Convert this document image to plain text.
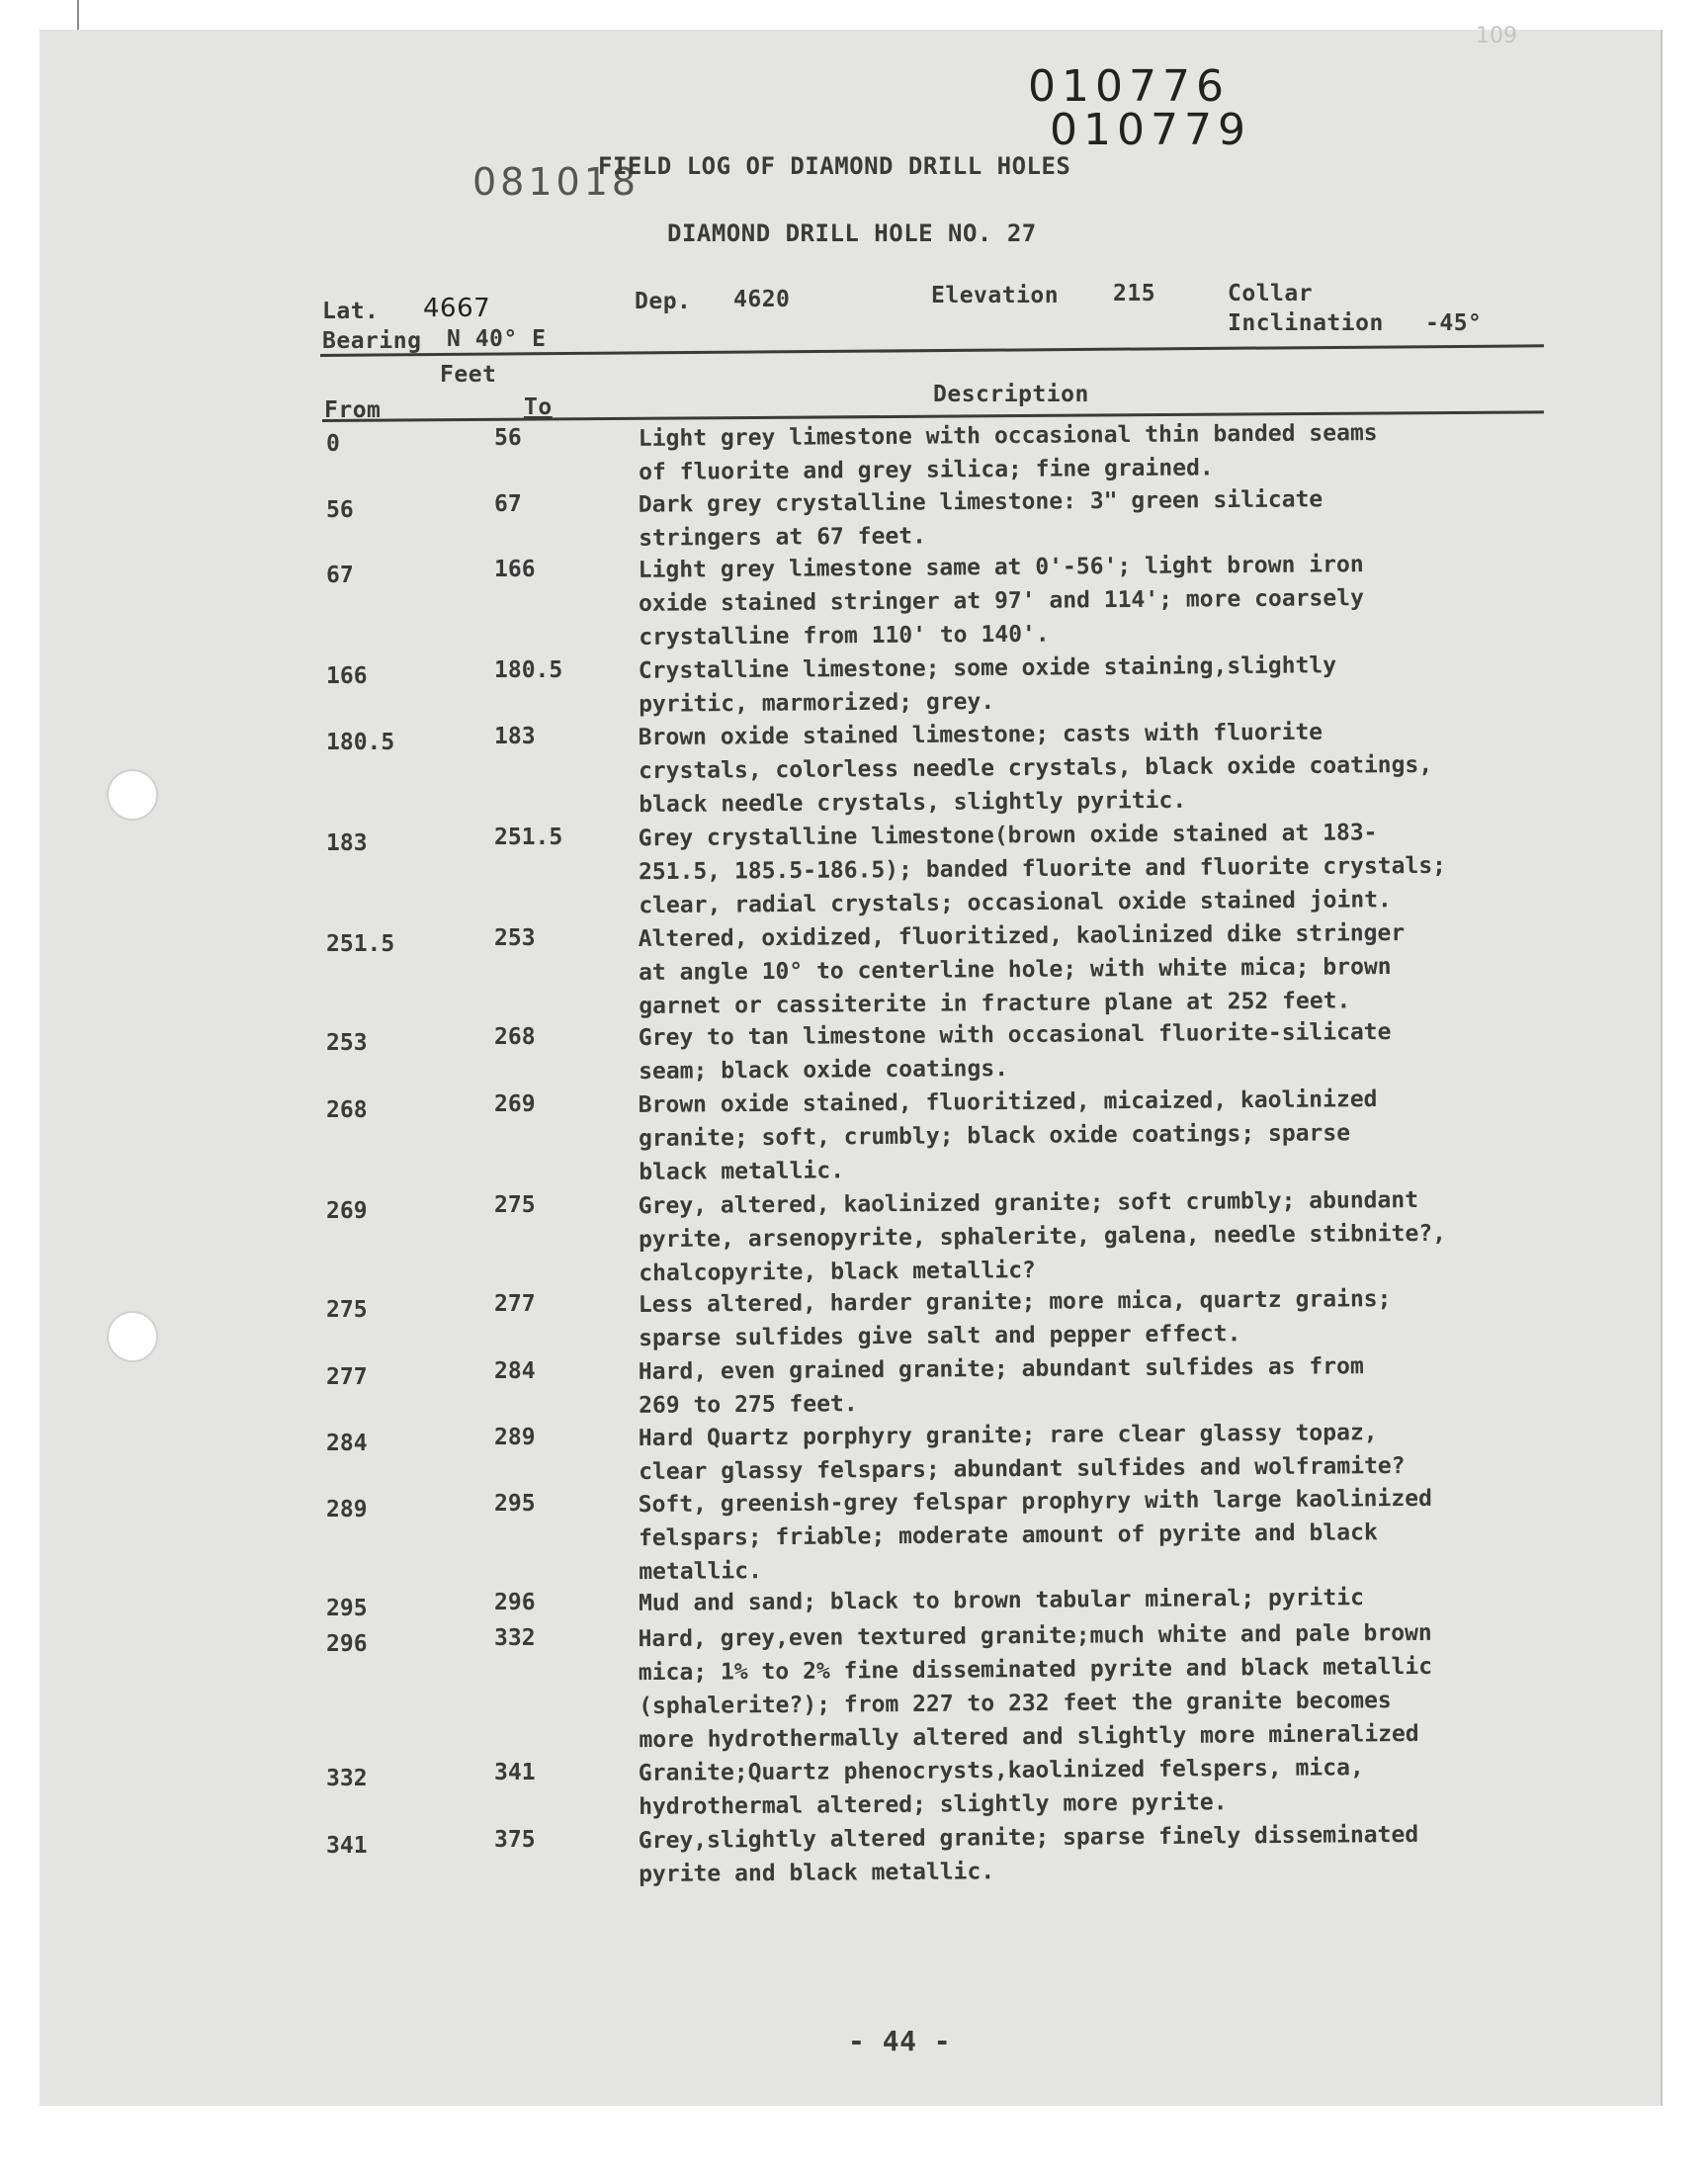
109
010776
010779
081018
FIELD LOG OF DIAMOND DRILL HOLES
DIAMOND DRILL HOLE NO. 27
Lat. 4667	Dep. 4620	Elevation 215	Collar
Inclination -45°
Bearing N 40° E
Feet
From	To	Description
0	56	Light grey limestone with occasional thin banded seams
of fluorite and grey silica; fine grained.
56	67	Dark grey crystalline limestone: 3" green silicate
stringers at 67 feet.
67	166	Light grey limestone same at 0'-56'; light brown iron
oxide stained stringer at 97' and 114'; more coarsely
crystalline from 110' to 140'.
166	180.5	Crystalline limestone; some oxide staining,slightly
pyritic, marmorized; grey.
180.5	183	Brown oxide stained limestone; casts with fluorite
crystals, colorless needle crystals, black oxide coatings,
black needle crystals, slightly pyritic.
183	251.5	Grey crystalline limestone(brown oxide stained at 183-
251.5, 185.5-186.5); banded fluorite and fluorite crystals;
clear, radial crystals; occasional oxide stained joint.
251.5	253	Altered, oxidized, fluoritized, kaolinized dike stringer
at angle 10° to centerline hole; with white mica; brown
garnet or cassiterite in fracture plane at 252 feet.
253	268	Grey to tan limestone with occasional fluorite-silicate
seam; black oxide coatings.
268	269	Brown oxide stained, fluoritized, micaized, kaolinized
granite; soft, crumbly; black oxide coatings; sparse
black metallic.
269	275	Grey, altered, kaolinized granite; soft crumbly; abundant
pyrite, arsenopyrite, sphalerite, galena, needle stibnite?,
chalcopyrite, black metallic?
275	277	Less altered, harder granite; more mica, quartz grains;
sparse sulfides give salt and pepper effect.
277	284	Hard, even grained granite; abundant sulfides as from
269 to 275 feet.
284	289	Hard Quartz porphyry granite; rare clear glassy topaz,
clear glassy felspars; abundant sulfides and wolframite?
289	295	Soft, greenish-grey felspar prophyry with large kaolinized
felspars; friable; moderate amount of pyrite and black
metallic.
295	296	Mud and sand; black to brown tabular mineral; pyritic
296	332	Hard, grey,even textured granite;much white and pale brown
mica; 1% to 2% fine disseminated pyrite and black metallic
(sphalerite?); from 227 to 232 feet the granite becomes
more hydrothermally altered and slightly more mineralized
332	341	Granite;Quartz phenocrysts,kaolinized felspers, mica,
hydrothermal altered; slightly more pyrite.
341	375	Grey,slightly altered granite; sparse finely disseminated
pyrite and black metallic.
- 44 -
